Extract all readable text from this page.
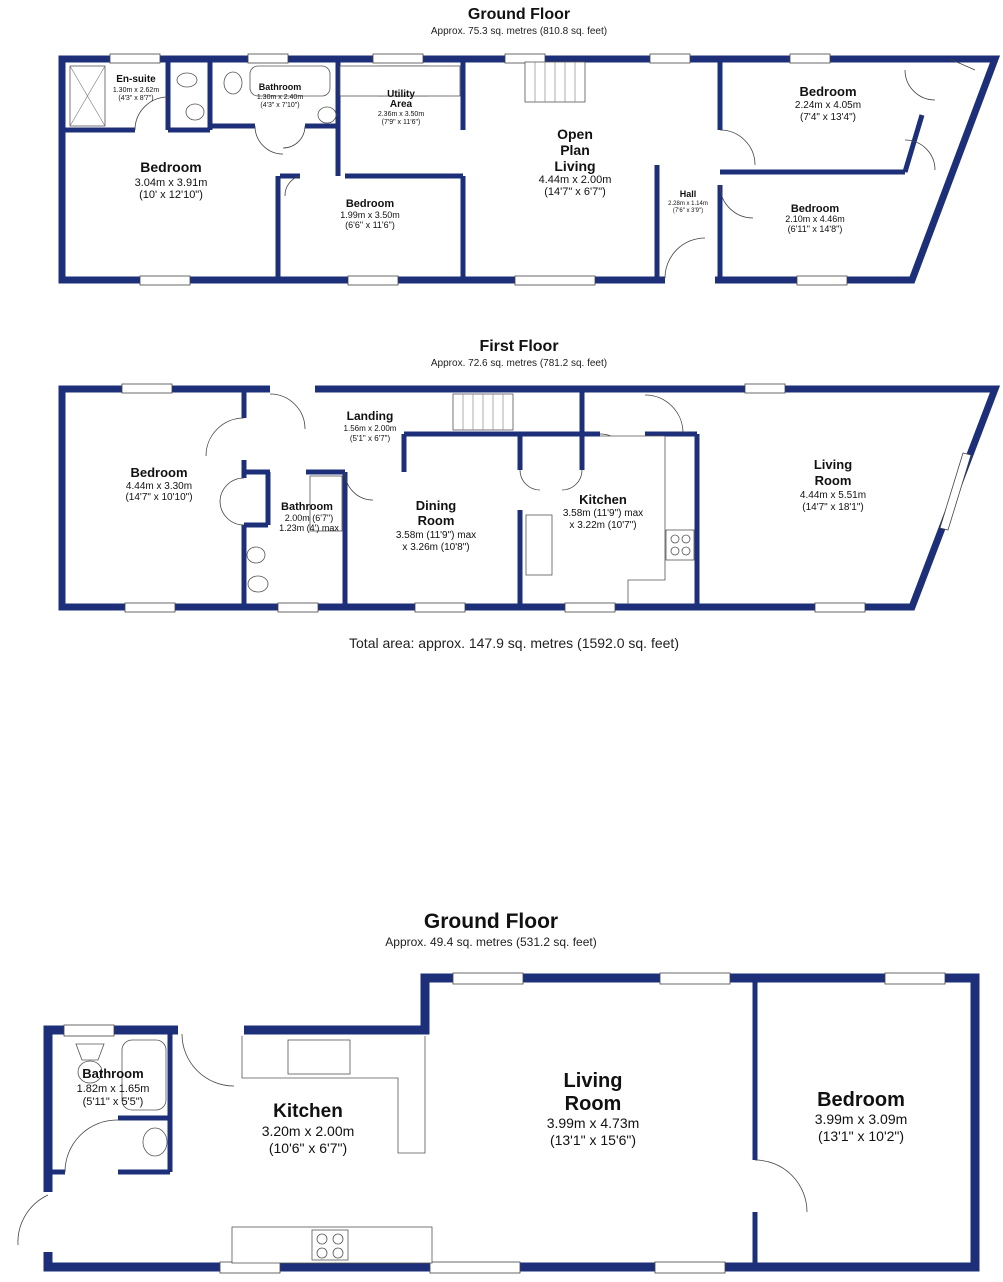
Ground Floor
Approx. 75.3 sq. metres (810.8 sq. feet)
En-suite
1.30m x 2.62m
(4'3" x 8'7")
Bathroom
1.30m x 2.40m
(4'3" x 7'10")
Utility
Area
2.36m x 3.50m
(7'9" x 11'6")
Bedroom
3.04m x 3.91m
(10' x 12'10")
Bedroom
1.99m x 3.50m
(6'6" x 11'6")
Open
Plan
Living
4.44m x 2.00m
(14'7" x 6'7")	Hall
2.28m x 1.14m
(7'6" x 3'9")
Bedroom
2.24m x 4.05m
(7'4" x 13'4")
Bedroom
2.10m x 4.46m
(6'11" x 14'8")
First Floor
Approx. 72.6 sq. metres (781.2 sq. feet)
Bedroom
4.44m x 3.30m
(14'7" x 10'10")
Landing
1.56m x 2.00m
(5'1" x 6'7")
Bathroom
2.00m (6'7")
1.23m (4') max
Dining
Room
3.58m (11'9") max
x 3.26m (10'8")
Kitchen
3.58m (11'9") max
x 3.22m (10'7")
Living
Room
4.44m x 5.51m
(14'7" x 18'1")
Total area: approx. 147.9 sq. metres (1592.0 sq. feet)
Ground Floor
Approx. 49.4 sq. metres (531.2 sq. feet)
Bathroom
1.82m x 1.65m
(5'11" x 5'5")	Kitchen
3.20m x 2.00m
(10'6" x 6'7")
Living
Room
3.99m x 4.73m
(13'1" x 15'6")
Bedroom
3.99m x 3.09m
(13'1" x 10'2")
